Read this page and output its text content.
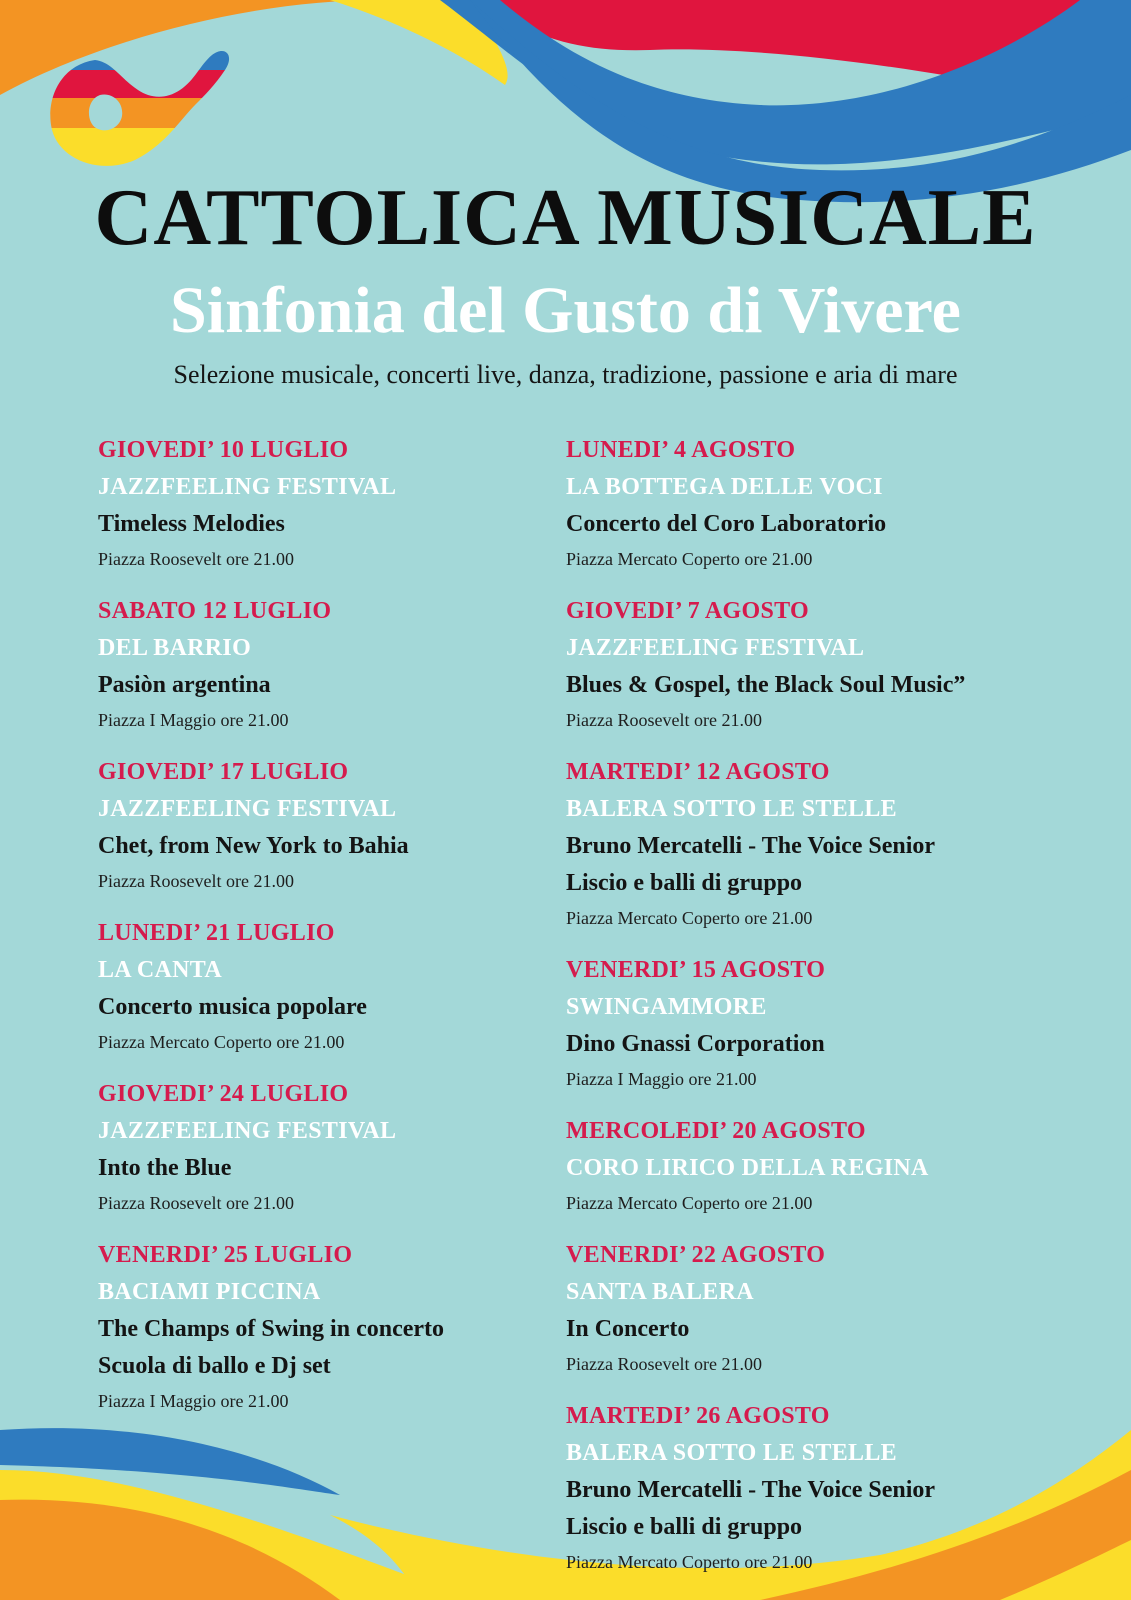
CATTOLICA MUSICALE
Sinfonia del Gusto di Vivere

Selezione musicale, concerti live, danza, tradizione, passione e aria di mare

GIOVEDI’ 10 LUGLIO
JAZZFEELING FESTIVAL
Timeless Melodies
Piazza Roosevelt ore 21.00
SABATO 12 LUGLIO
DEL BARRIO
Pasiòn argentina
Piazza I Maggio ore 21.00
GIOVEDI’ 17 LUGLIO
JAZZFEELING FESTIVAL
Chet, from New York to Bahia
Piazza Roosevelt ore 21.00
LUNEDI’ 21 LUGLIO
LA CANTA
Concerto musica popolare
Piazza Mercato Coperto ore 21.00
GIOVEDI’ 24 LUGLIO
JAZZFEELING FESTIVAL
Into the Blue
Piazza Roosevelt ore 21.00
VENERDI’ 25 LUGLIO
BACIAMI PICCINA
The Champs of Swing in concerto
Scuola di ballo e Dj set
Piazza I Maggio ore 21.00
LUNEDI’ 4 AGOSTO
LA BOTTEGA DELLE VOCI
Concerto del Coro Laboratorio
Piazza Mercato Coperto ore 21.00
GIOVEDI’ 7 AGOSTO
JAZZFEELING FESTIVAL
Blues & Gospel, the Black Soul Music”
Piazza Roosevelt ore 21.00
MARTEDI’ 12 AGOSTO
BALERA SOTTO LE STELLE
Bruno Mercatelli - The Voice Senior
Liscio e balli di gruppo
Piazza Mercato Coperto ore 21.00
VENERDI’ 15 AGOSTO
SWINGAMMORE
Dino Gnassi Corporation
Piazza I Maggio ore 21.00
MERCOLEDI’ 20 AGOSTO
CORO LIRICO DELLA REGINA
Piazza Mercato Coperto ore 21.00
VENERDI’ 22 AGOSTO
SANTA BALERA
In Concerto
Piazza Roosevelt ore 21.00
MARTEDI’ 26 AGOSTO
BALERA SOTTO LE STELLE
Bruno Mercatelli - The Voice Senior
Liscio e balli di gruppo
Piazza Mercato Coperto ore 21.00
